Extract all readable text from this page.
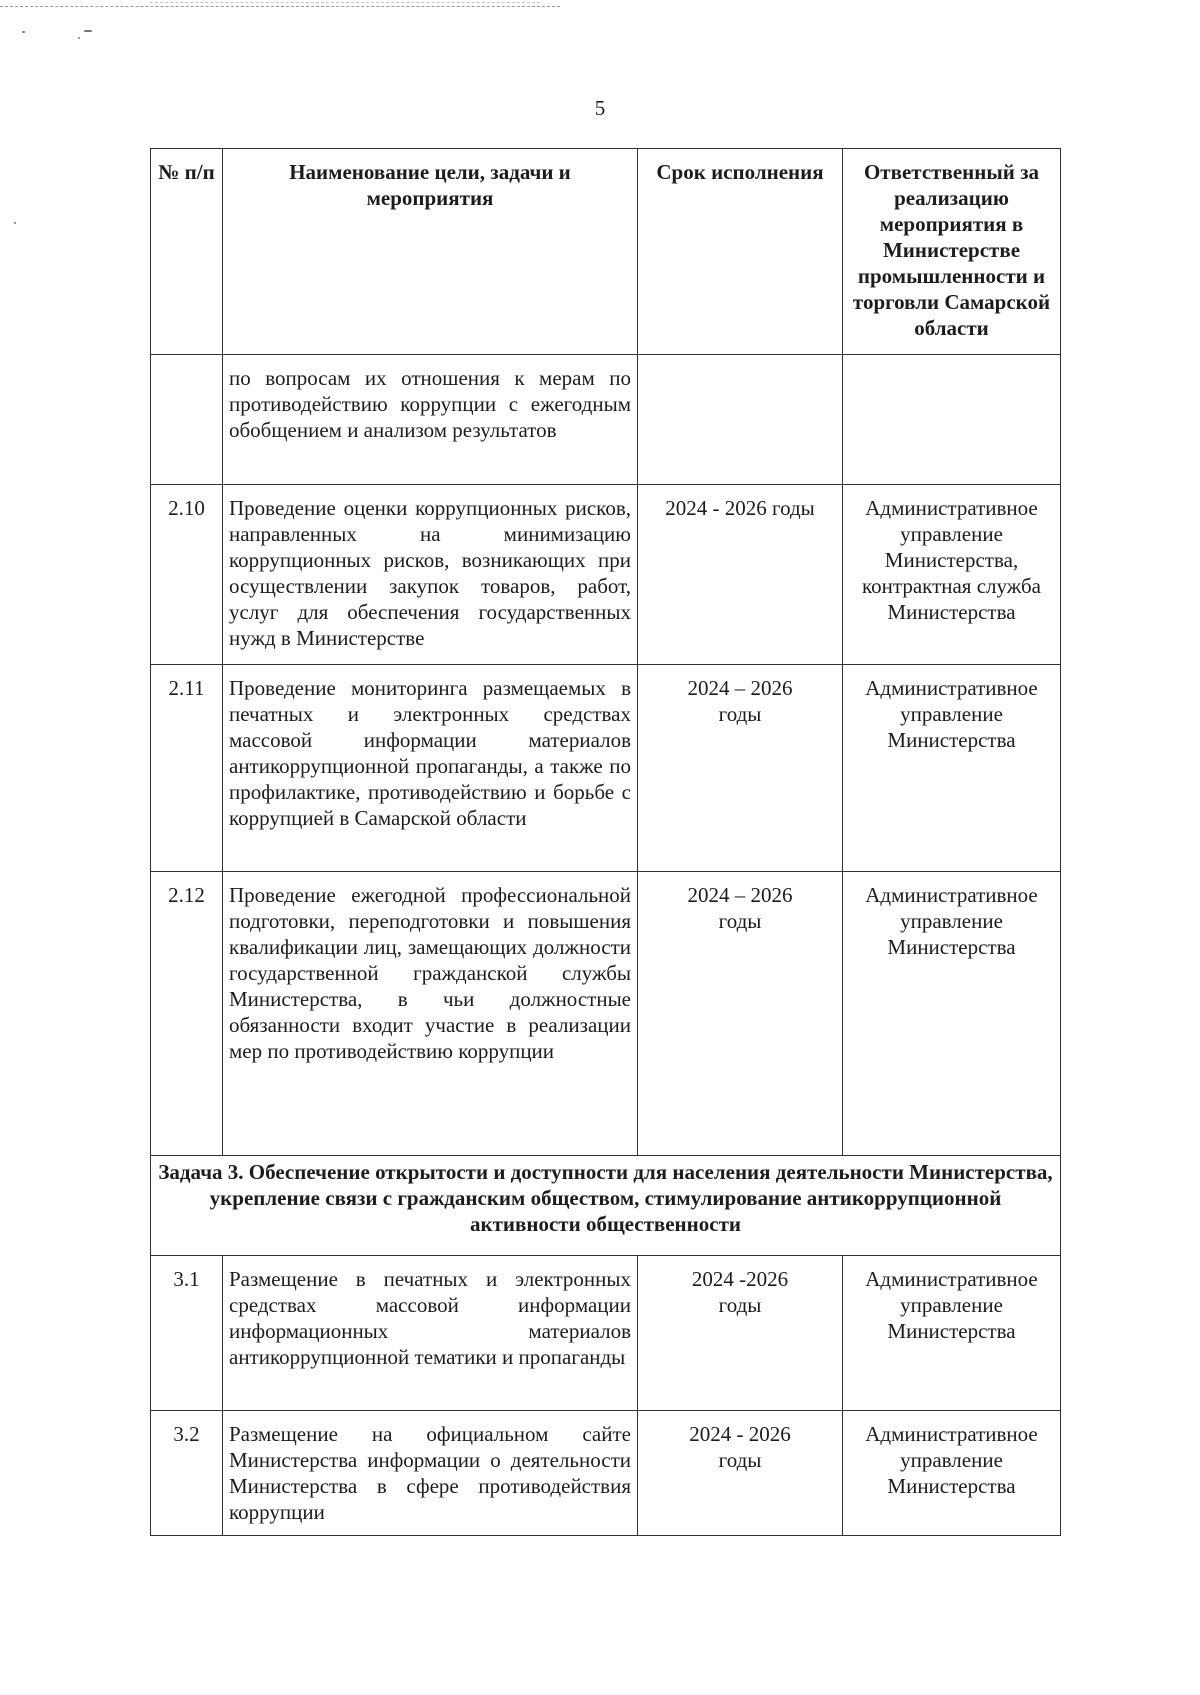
5
№ п/п	Наименование цели, задачи и мероприятия	Срок исполнения	Ответственный за реализацию мероприятия в Министерстве промышленности и торговли Самарской области
	по вопросам их отношения к мерам по противодействию коррупции с ежегодным обобщением и анализом результатов		
2.10	Проведение оценки коррупционных рисков, направленных на минимизацию коррупционных рисков, возникающих при осуществлении закупок товаров, работ, услуг для обеспечения государственных нужд в Министерстве	2024 - 2026 годы	Административное управление Министерства, контрактная служба Министерства
2.11	Проведение мониторинга размещаемых в печатных и электронных средствах массовой информации материалов антикоррупционной пропаганды, а также по профилактике, противодействию и борьбе с коррупцией в Самарской области	2024 – 2026 годы	Административное управление Министерства
2.12	Проведение ежегодной профессиональной подготовки, переподготовки и повышения квалификации лиц, замещающих должности государственной гражданской службы Министерства, в чьи должностные обязанности входит участие в реализации мер по противодействию коррупции	2024 – 2026 годы	Административное управление Министерства
Задача 3. Обеспечение открытости и доступности для населения деятельности Министерства, укрепление связи с гражданским обществом, стимулирование антикоррупционной активности общественности			
3.1	Размещение в печатных и электронных средствах массовой информации информационных материалов антикоррупционной тематики и пропаганды	2024 -2026 годы	Административное управление Министерства
3.2	Размещение на официальном сайте Министерства информации о деятельности Министерства в сфере противодействия коррупции	2024 - 2026 годы	Административное управление Министерства
